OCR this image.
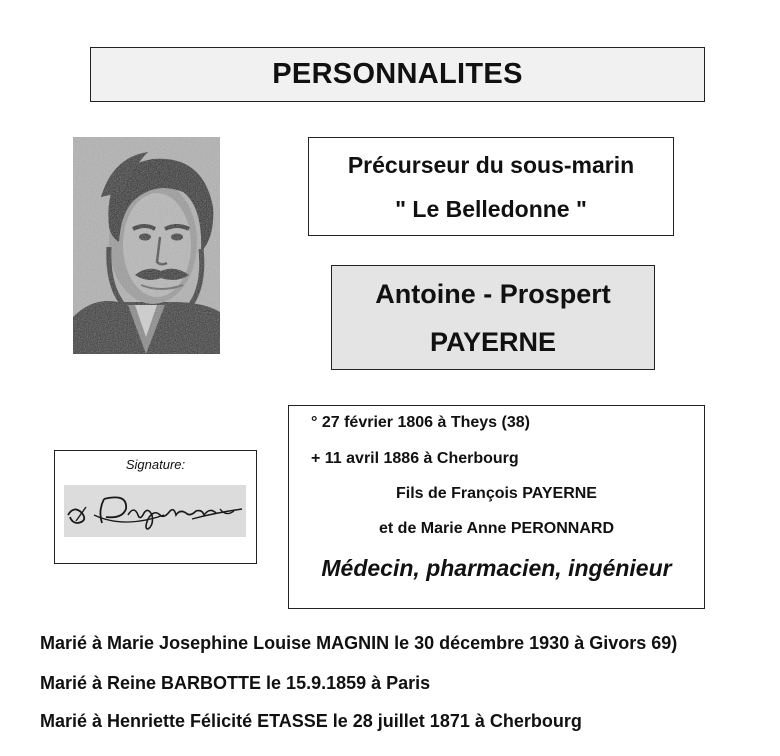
PERSONNALITES
Précurseur du sous-marin
" Le Belledonne "
Antoine - Prospert
PAYERNE
Signature:
° 27 février 1806 à Theys (38)
+ 11 avril 1886 à Cherbourg
Fils de François PAYERNE
et de Marie Anne PERONNARD
Médecin, pharmacien, ingénieur
Marié à Marie Josephine Louise MAGNIN le 30 décembre 1930 à Givors 69)
Marié à Reine BARBOTTE le 15.9.1859 à Paris
Marié à Henriette Félicité ETASSE le 28 juillet 1871 à Cherbourg
